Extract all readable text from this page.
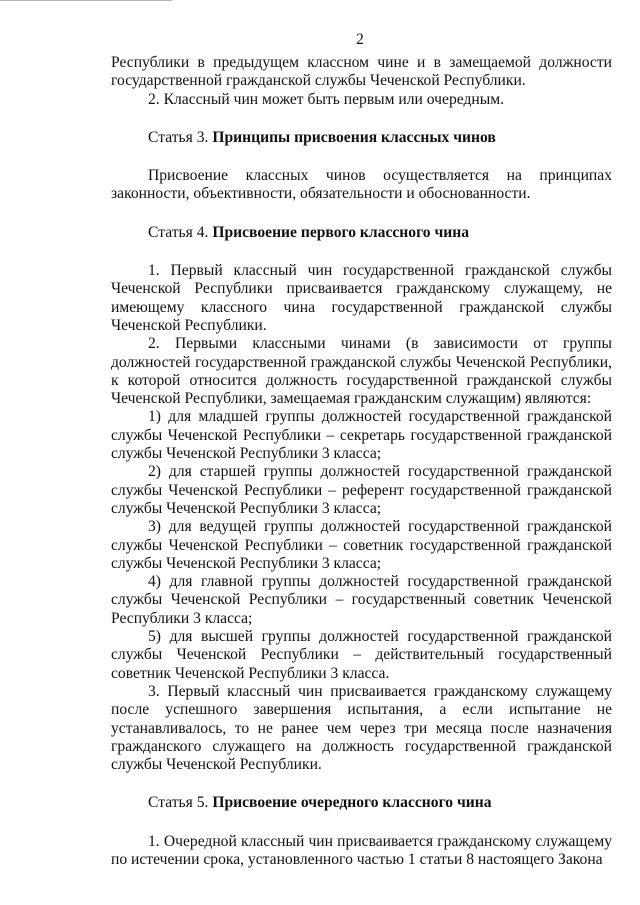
2

Республики в предыдущем классном чине и в замещаемой должности государственной гражданской службы Чеченской Республики.

2. Классный чин может быть первым или очередным.

Статья 3. Принципы присвоения классных чинов

Присвоение классных чинов осуществляется на принципах законности, объективности, обязательности и обоснованности.

Статья 4. Присвоение первого классного чина

1. Первый классный чин государственной гражданской службы Чеченской Республики присваивается гражданскому служащему, не имеющему классного чина государственной гражданской службы Чеченской Республики.

2. Первыми классными чинами (в зависимости от группы должностей государственной гражданской службы Чеченской Республики, к которой относится должность государственной гражданской службы Чеченской Республики, замещаемая гражданским служащим) являются:

1) для младшей группы должностей государственной гражданской службы Чеченской Республики – секретарь государственной гражданской службы Чеченской Республики 3 класса;

2) для старшей группы должностей государственной гражданской службы Чеченской Республики – референт государственной гражданской службы Чеченской Республики 3 класса;

3) для ведущей группы должностей государственной гражданской службы Чеченской Республики – советник государственной гражданской службы Чеченской Республики 3 класса;

4) для главной группы должностей государственной гражданской службы Чеченской Республики – государственный советник Чеченской Республики 3 класса;

5) для высшей группы должностей государственной гражданской службы Чеченской Республики – действительный государственный советник Чеченской Республики 3 класса.

3. Первый классный чин присваивается гражданскому служащему после успешного завершения испытания, а если испытание не устанавливалось, то не ранее чем через три месяца после назначения гражданского служащего на должность государственной гражданской службы Чеченской Республики.

Статья 5. Присвоение очередного классного чина

1. Очередной классный чин присваивается гражданскому служащему по истечении срока, установленного частью 1 статьи 8 настоящего Закона
